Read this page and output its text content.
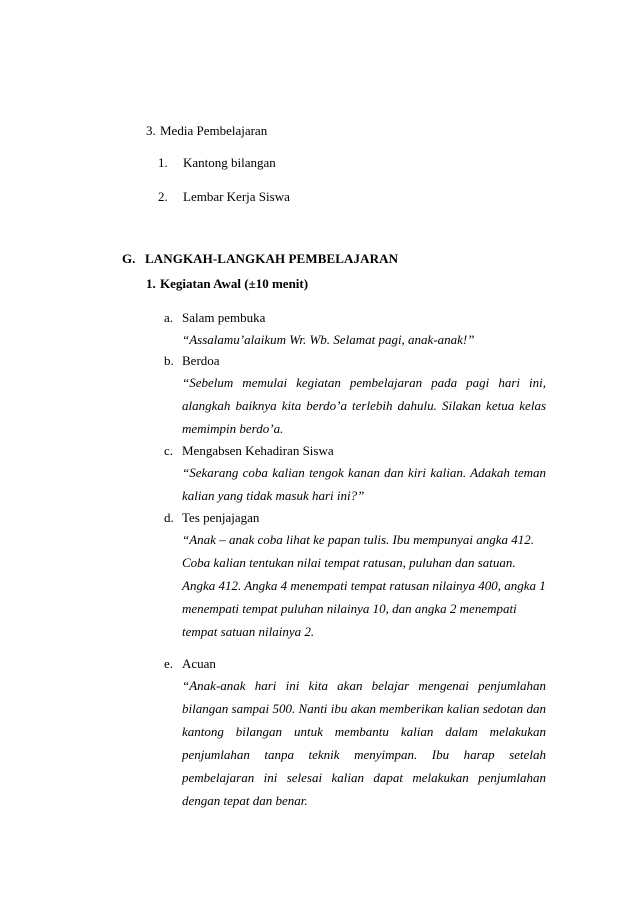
3. Media Pembelajaran
1. Kantong bilangan
2. Lembar Kerja Siswa
G. LANGKAH-LANGKAH PEMBELAJARAN
1. Kegiatan Awal (±10 menit)
a. Salam pembuka
“Assalamu’alaikum Wr. Wb. Selamat pagi, anak-anak!”
b. Berdoa
“Sebelum memulai kegiatan pembelajaran pada pagi hari ini,
alangkah baiknya kita berdo’a terlebih dahulu. Silakan ketua kelas
memimpin berdo’a.
c. Mengabsen Kehadiran Siswa
“Sekarang coba kalian tengok kanan dan kiri kalian. Adakah teman
kalian yang tidak masuk hari ini?”
d. Tes penjajagan
“Anak – anak coba lihat ke papan tulis. Ibu mempunyai angka 412.
Coba kalian tentukan nilai tempat ratusan, puluhan dan satuan.
Angka 412. Angka 4 menempati tempat ratusan nilainya 400, angka 1
menempati tempat puluhan nilainya 10, dan angka 2 menempati
tempat satuan nilainya 2.
e. Acuan
“Anak-anak hari ini kita akan belajar mengenai penjumlahan
bilangan sampai 500. Nanti ibu akan memberikan kalian sedotan dan
kantong bilangan untuk membantu kalian dalam melakukan
penjumlahan tanpa teknik menyimpan. Ibu harap setelah
pembelajaran ini selesai kalian dapat melakukan penjumlahan
dengan tepat dan benar.
